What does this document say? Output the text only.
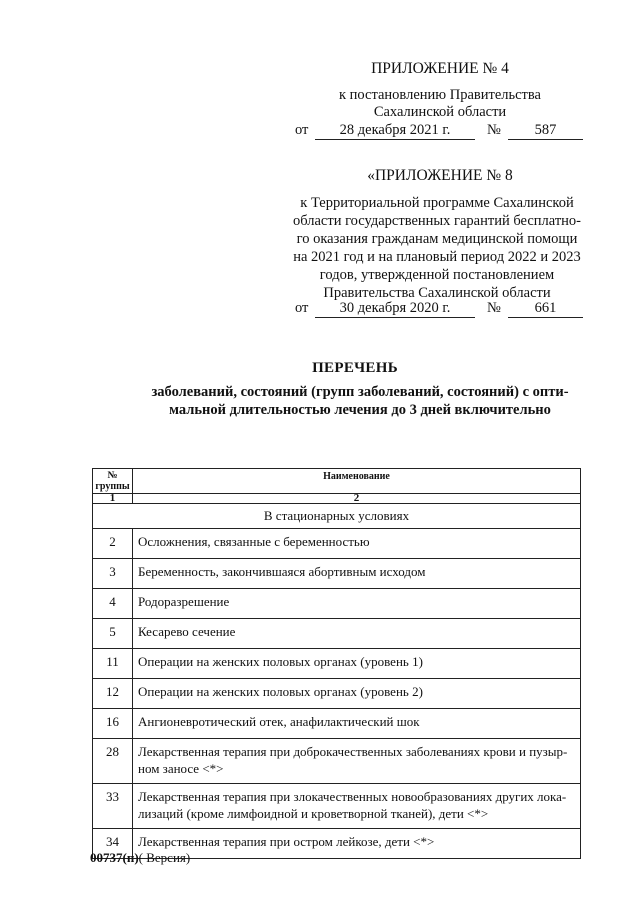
ПРИЛОЖЕНИЕ № 4
к постановлению Правительства
Сахалинской области
от	28 декабря 2021 г.	№	587
«ПРИЛОЖЕНИЕ № 8
к Территориальной программе Сахалинской
области государственных гарантий бесплатно-
го оказания гражданам медицинской помощи
на 2021 год и на плановый период 2022 и 2023
годов, утвержденной постановлением
Правительства Сахалинской области
от	30 декабря 2020 г.	№	661
ПЕРЕЧЕНЬ
заболеваний, состояний (групп заболеваний, состояний) с опти-
мальной длительностью лечения до 3 дней включительно
№ группы	Наименование
1	2
В стационарных условиях	
2	Осложнения, связанные с беременностью
3	Беременность, закончившаяся абортивным исходом
4	Родоразрешение
5	Кесарево сечение
11	Операции на женских половых органах (уровень 1)
12	Операции на женских половых органах (уровень 2)
16	Ангионевротический отек, анафилактический шок
28	Лекарственная терапия при доброкачественных заболеваниях крови и пузыр-ном заносе <*>
33	Лекарственная терапия при злокачественных новообразованиях других лока-лизаций (кроме лимфоидной и кроветворной тканей), дети <*>
34	Лекарственная терапия при остром лейкозе, дети <*>
00737(п)( Версия)
